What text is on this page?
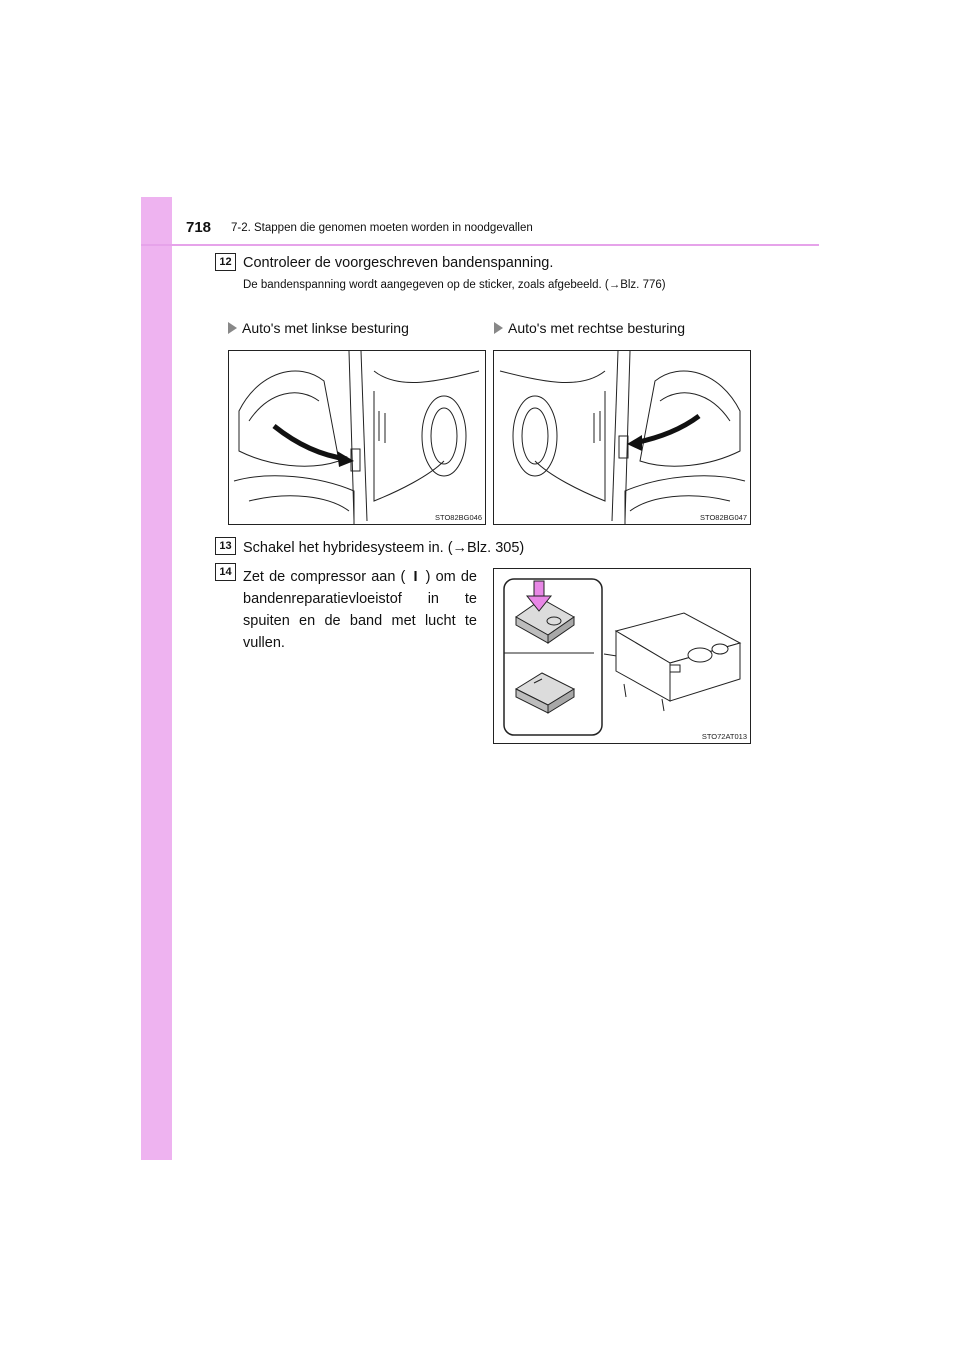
718 7-2. Stappen die genomen moeten worden in noodgevallen
12 Controleer de voorgeschreven bandenspanning.
De bandenspanning wordt aangegeven op de sticker, zoals afgebeeld. (→Blz. 776)
Auto's met linkse besturing	Auto's met rechtse besturing
STO82BG046	STO82BG047
13 Schakel het hybridesysteem in. (→Blz. 305)
14 Zet de compressor aan ( I ) om de bandenreparatievloeistof in te spuiten en de band met lucht te vullen.
STO72AT013
